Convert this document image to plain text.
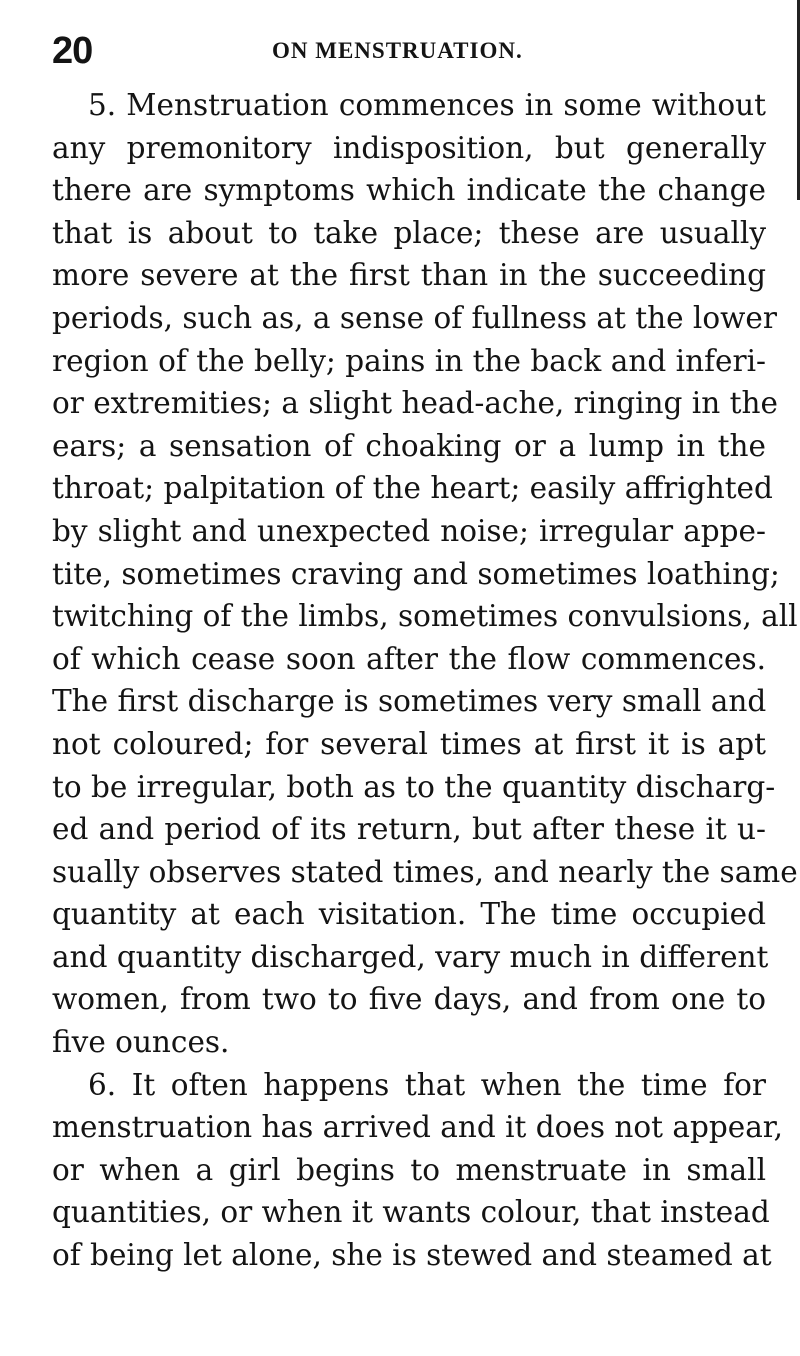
20	ON MENSTRUATION.
5. Menstruation commences in some without
any premonitory indisposition, but generally
there are symptoms which indicate the change
that is about to take place; these are usually
more severe at the first than in the succeeding
periods, such as, a sense of fullness at the lower
region of the belly; pains in the back and inferi-
or extremities; a slight head-ache, ringing in the
ears; a sensation of choaking or a lump in the
throat; palpitation of the heart; easily affrighted
by slight and unexpected noise; irregular appe-
tite, sometimes craving and sometimes loathing;
twitching of the limbs, sometimes convulsions, all
of which cease soon after the flow commences.
The first discharge is sometimes very small and
not coloured; for several times at first it is apt
to be irregular, both as to the quantity discharg-
ed and period of its return, but after these it u-
sually observes stated times, and nearly the same
quantity at each visitation. The time occupied
and quantity discharged, vary much in different
women, from two to five days, and from one to
five ounces.
6. It often happens that when the time for
menstruation has arrived and it does not appear,
or when a girl begins to menstruate in small
quantities, or when it wants colour, that instead
of being let alone, she is stewed and steamed at
